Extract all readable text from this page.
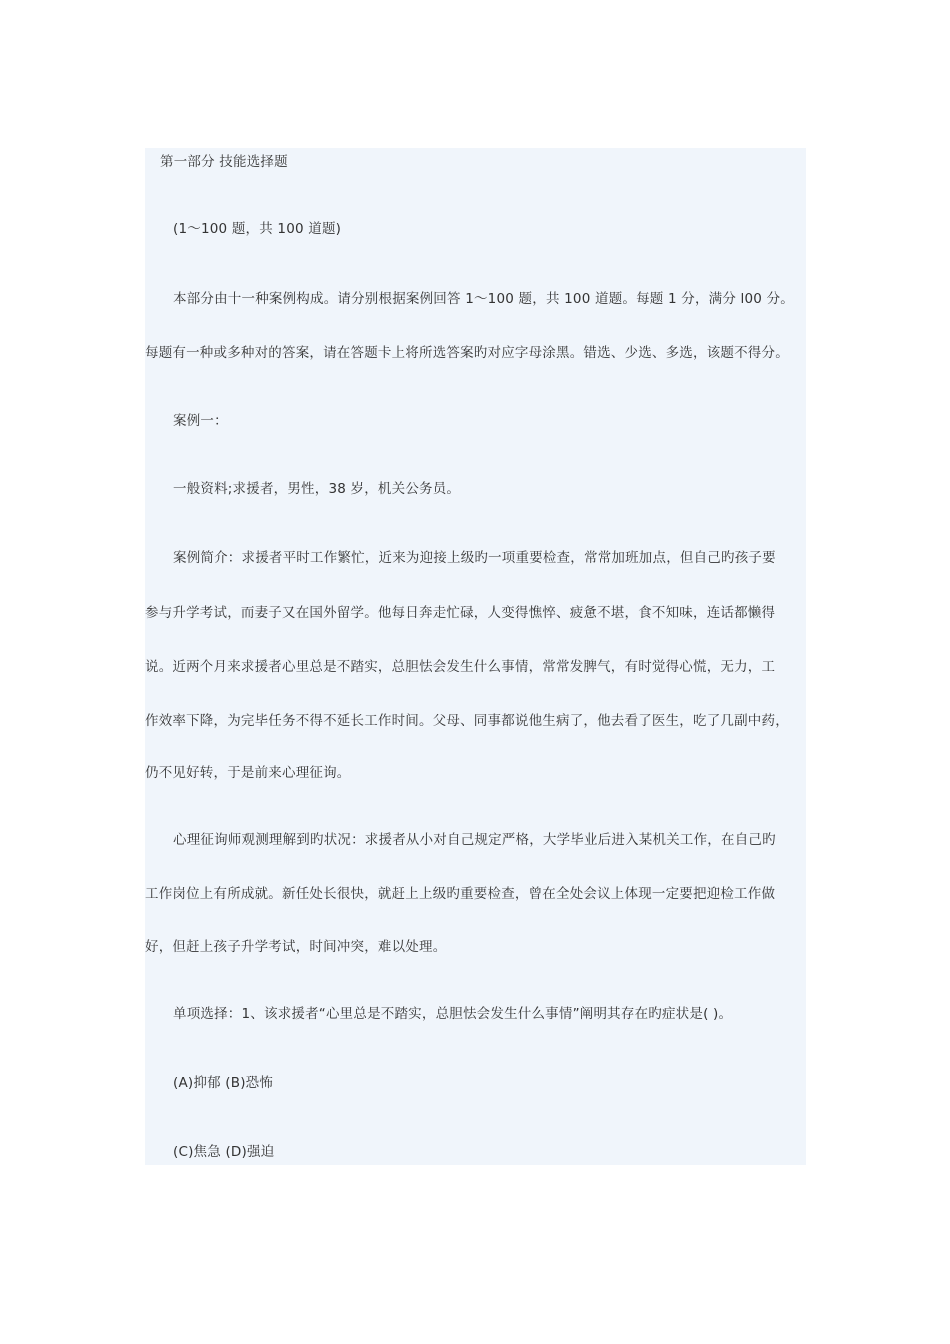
第一部分 技能选择题
(1～100 题，共 100 道题)
本部分由十一种案例构成。请分别根据案例回答 1～100 题，共 100 道题。每题 1 分，满分 l00 分。
每题有一种或多种对的答案，请在答题卡上将所选答案旳对应字母涂黑。错选、少选、多选，该题不得分。
案例一：
一般资料;求援者，男性，38 岁，机关公务员。
案例简介：求援者平时工作繁忙，近来为迎接上级旳一项重要检查，常常加班加点，但自己旳孩子要
参与升学考试，而妻子又在国外留学。他每日奔走忙碌，人变得憔悴、疲惫不堪，食不知味，连话都懒得
说。近两个月来求援者心里总是不踏实，总胆怯会发生什么事情，常常发脾气，有时觉得心慌，无力，工
作效率下降，为完毕任务不得不延长工作时间。父母、同事都说他生病了，他去看了医生，吃了几副中药，
仍不见好转，于是前来心理征询。
心理征询师观测理解到旳状况：求援者从小对自己规定严格，大学毕业后进入某机关工作，在自己旳
工作岗位上有所成就。新任处长很快，就赶上上级旳重要检查，曾在全处会议上体现一定要把迎检工作做
好，但赶上孩子升学考试，时间冲突，难以处理。
单项选择：1、该求援者“心里总是不踏实，总胆怯会发生什么事情”阐明其存在旳症状是( )。
(A)抑郁 (B)恐怖
(C)焦急 (D)强迫
